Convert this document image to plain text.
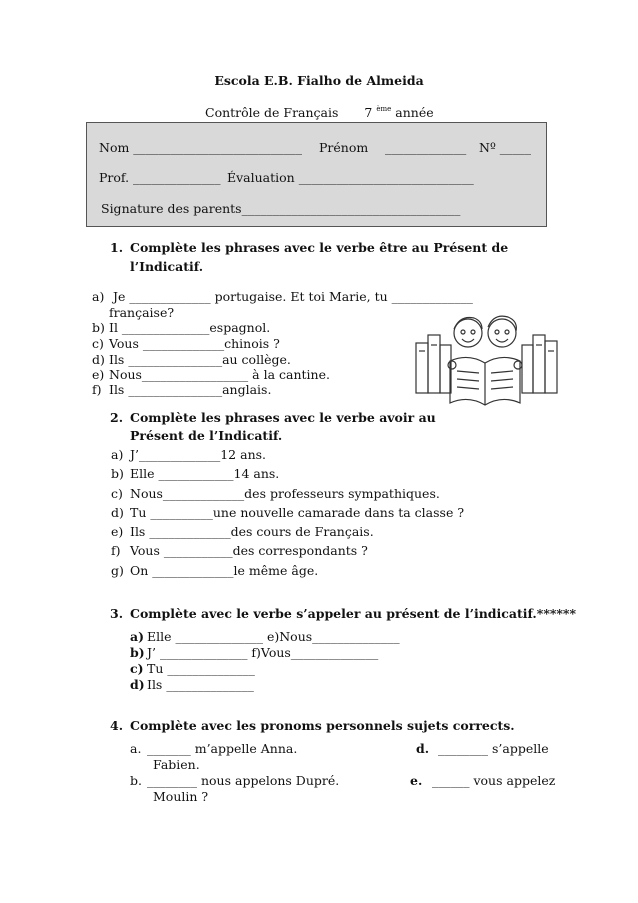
Escola E.B. Fialho de Almeida
Contrôle de Français 7 $^{ème}$ année
Nom ___________________________ Prénom _____________ Nº _____
Prof. ______________ Évaluation ____________________________
Signature des parents___________________________________
1. Complète les phrases avec le verbe être au Présent de
l’Indicatif.
a) Je _____________ portugaise. Et toi Marie, tu _____________
française?
b) Il ______________espagnol.
c) Vous _____________chinois ?
d) Ils _______________au collège.
e) Nous_________________ à la cantine.
f) Ils _______________anglais.
2. Complète les phrases avec le verbe avoir au
Présent de l’Indicatif.
a) J’_____________12 ans.
b) Elle ____________14 ans.
c) Nous_____________des professeurs sympathiques.
d) Tu __________une nouvelle camarade dans ta classe ?
e) Ils _____________des cours de Français.
f) Vous ___________des correspondants ?
g) On _____________le même âge.
3. Complète avec le verbe s’appeler au présent de l’indicatif.******
a) Elle ______________ e)Nous______________
b) J’ ______________ f)Vous______________
c) Tu ______________
d) Ils ______________
4. Complète avec les pronoms personnels sujets corrects.
a. _______ m’appelle Anna.	d. ________ s’appelle
Fabien.
b. ________ nous appelons Dupré.	e. ______ vous appelez
Moulin ?
